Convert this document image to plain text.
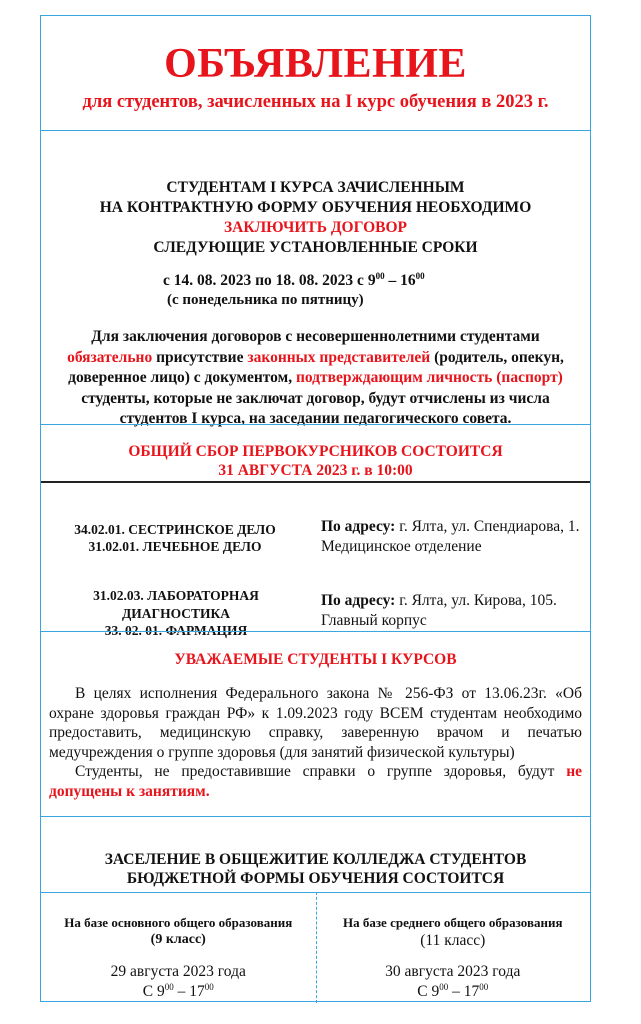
ОБЪЯВЛЕНИЕ
для студентов, зачисленных на I курс обучения в 2023 г.
СТУДЕНТАМ I КУРСА ЗАЧИСЛЕННЫМ
НА КОНТРАКТНУЮ ФОРМУ ОБУЧЕНИЯ НЕОБХОДИМО
ЗАКЛЮЧИТЬ ДОГОВОР
СЛЕДУЮЩИЕ УСТАНОВЛЕННЫЕ СРОКИ
с 14. 08. 2023 по 18. 08. 2023 с $9^{00} - 16^{00}$
(с понедельника по пятницу)
Для заключения договоров с несовершеннолетними студентами
обязательно присутствие законных представителей (родитель, опекун, доверенное лицо) с документом, подтверждающим личность (паспорт) студенты, которые не заключат договор, будут отчислены из числа студентов I курса, на заседании педагогического совета.
ОБЩИЙ СБОР ПЕРВОКУРСНИКОВ СОСТОИТСЯ
31 АВГУСТА 2023 г. в 10:00
34.02.01. СЕСТРИНСКОЕ ДЕЛО
31.02.01. ЛЕЧЕБНОЕ ДЕЛО
По адресу: г. Ялта, ул. Спендиарова, 1.
Медицинское отделение
31.02.03. ЛАБОРАТОРНАЯ
ДИАГНОСТИКА
33. 02. 01. ФАРМАЦИЯ
По адресу: г. Ялта, ул. Кирова, 105.
Главный корпус
УВАЖАЕМЫЕ СТУДЕНТЫ I КУРСОВ

В целях исполнения Федерального закона № 256-ФЗ от 13.06.23г. «Об охране здоровья граждан РФ» к 1.09.2023 году ВСЕМ студентам необходимо предоставить, медицинскую справку, заверенную врачом и печатью медучреждения о группе здоровья (для занятий физической культуры)

Студенты, не предоставившие справки о группе здоровья, будут не допущены к занятиям.

ЗАСЕЛЕНИЕ В ОБЩЕЖИТИЕ КОЛЛЕДЖА СТУДЕНТОВ
БЮДЖЕТНОЙ ФОРМЫ ОБУЧЕНИЯ СОСТОИТСЯ
На базе основного общего образования
(9 класс)
29 августа 2023 года
С $9^{00} - 17^{00}$
На базе среднего общего образования
(11 класс)
30 августа 2023 года
С $9^{00} - 17^{00}$
